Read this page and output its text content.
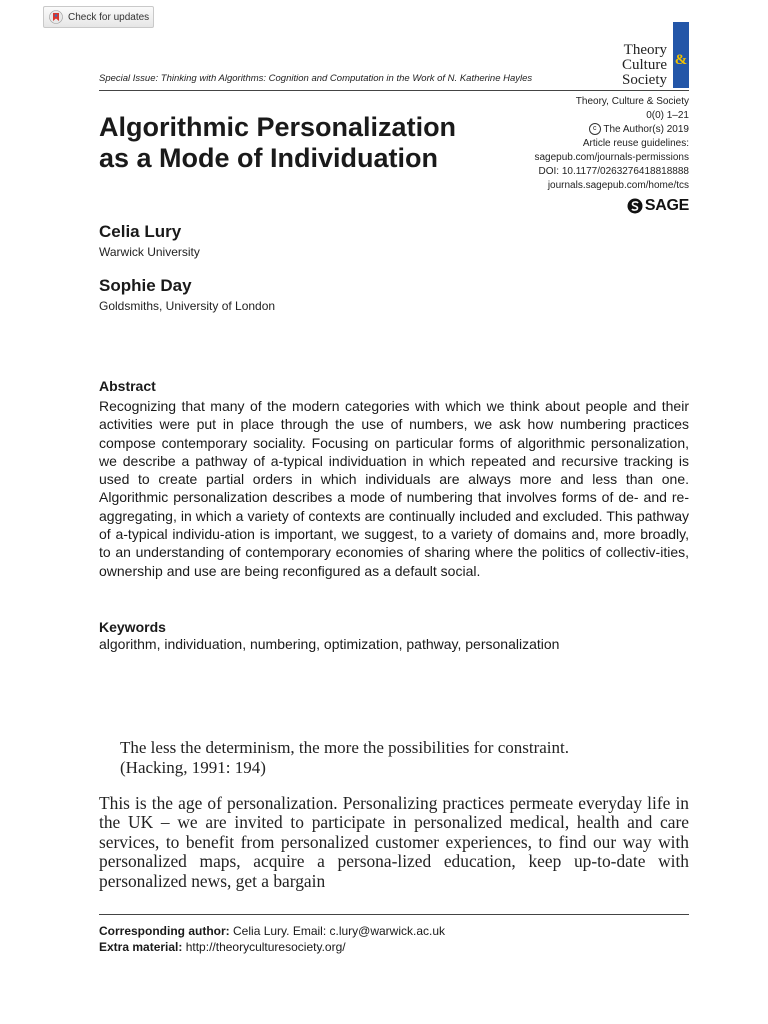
Check for updates
Theory
Culture &
Society
Special Issue: Thinking with Algorithms: Cognition and Computation in the Work of N. Katherine Hayles
Theory, Culture & Society
0(0) 1–21
c The Author(s) 2019
Article reuse guidelines:
sagepub.com/journals-permissions
DOI: 10.1177/0263276418818888
journals.sagepub.com/home/tcs
SAGE
Algorithmic Personalization as a Mode of Individuation
Celia Lury
Warwick University
Sophie Day
Goldsmiths, University of London
Abstract
Recognizing that many of the modern categories with which we think about people and their activities were put in place through the use of numbers, we ask how numbering practices compose contemporary sociality. Focusing on particular forms of algorithmic personalization, we describe a pathway of a-typical individuation in which repeated and recursive tracking is used to create partial orders in which individuals are always more and less than one. Algorithmic personalization describes a mode of numbering that involves forms of de- and re- aggregating, in which a variety of contexts are continually included and excluded. This pathway of a-typical individu-ation is important, we suggest, to a variety of domains and, more broadly, to an understanding of contemporary economies of sharing where the politics of collectiv-ities, ownership and use are being reconfigured as a default social.
Keywords
algorithm, individuation, numbering, optimization, pathway, personalization
The less the determinism, the more the possibilities for constraint.
(Hacking, 1991: 194)
This is the age of personalization. Personalizing practices permeate everyday life in the UK – we are invited to participate in personalized medical, health and care services, to benefit from personalized customer experiences, to find our way with personalized maps, acquire a persona-lized education, keep up-to-date with personalized news, get a bargain
Corresponding author: Celia Lury. Email: c.lury@warwick.ac.uk
Extra material: http://theoryculturesociety.org/
